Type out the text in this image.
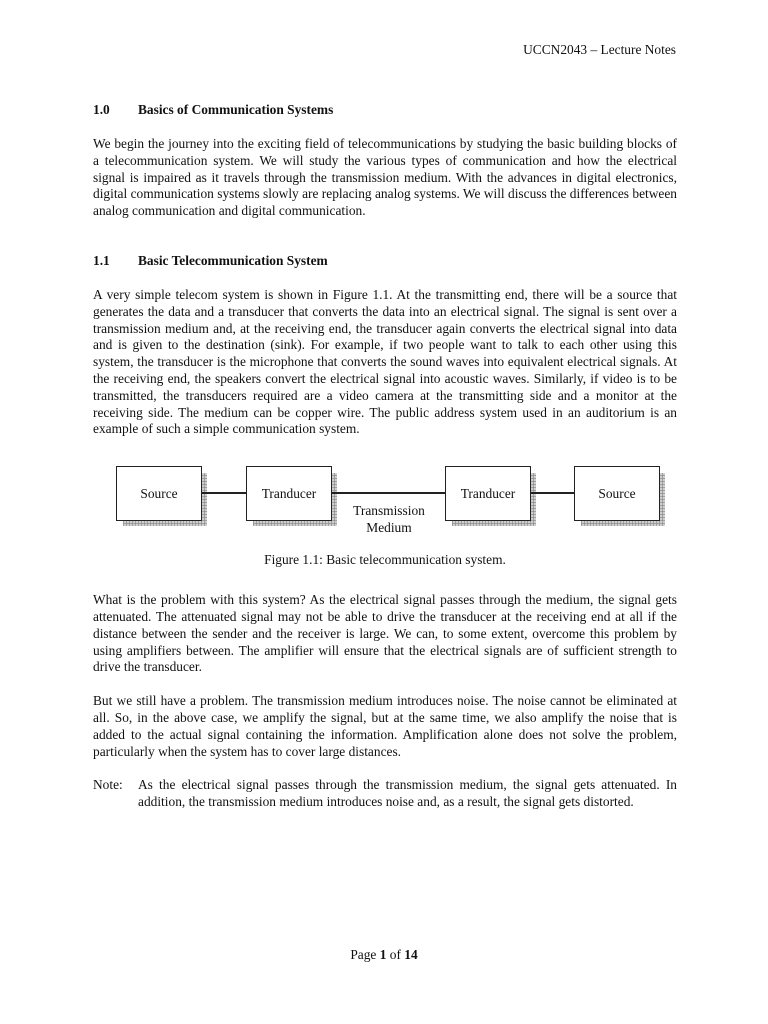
UCCN2043 – Lecture Notes
1.0	Basics of Communication Systems

We begin the journey into the exciting field of telecommunications by studying the basic building blocks of a telecommunication system. We will study the various types of communication and how the electrical signal is impaired as it travels through the transmission medium. With the advances in digital electronics, digital communication systems slowly are replacing analog systems. We will discuss the differences between analog communication and digital communication.

1.1	Basic Telecommunication System

A very simple telecom system is shown in Figure 1.1. At the transmitting end, there will be a source that generates the data and a transducer that converts the data into an electrical signal. The signal is sent over a transmission medium and, at the receiving end, the transducer again converts the electrical signal into data and is given to the destination (sink). For example, if two people want to talk to each other using this system, the transducer is the microphone that converts the sound waves into equivalent electrical signals. At the receiving end, the speakers convert the electrical signal into acoustic waves. Similarly, if video is to be transmitted, the transducers required are a video camera at the transmitting side and a monitor at the receiving side. The medium can be copper wire. The public address system used in an auditorium is an example of such a simple communication system.

Source	Tranducer	Tranducer	Source
Transmission
Medium
Figure 1.1: Basic telecommunication system.

What is the problem with this system? As the electrical signal passes through the medium, the signal gets attenuated. The attenuated signal may not be able to drive the transducer at the receiving end at all if the distance between the sender and the receiver is large. We can, to some extent, overcome this problem by using amplifiers between. The amplifier will ensure that the electrical signals are of sufficient strength to drive the transducer.

But we still have a problem. The transmission medium introduces noise. The noise cannot be eliminated at all. So, in the above case, we amplify the signal, but at the same time, we also amplify the noise that is added to the actual signal containing the information. Amplification alone does not solve the problem, particularly when the system has to cover large distances.

Note:	As the electrical signal passes through the transmission medium, the signal gets attenuated. In addition, the transmission medium introduces noise and, as a result, the signal gets distorted.
Page 1 of 14
